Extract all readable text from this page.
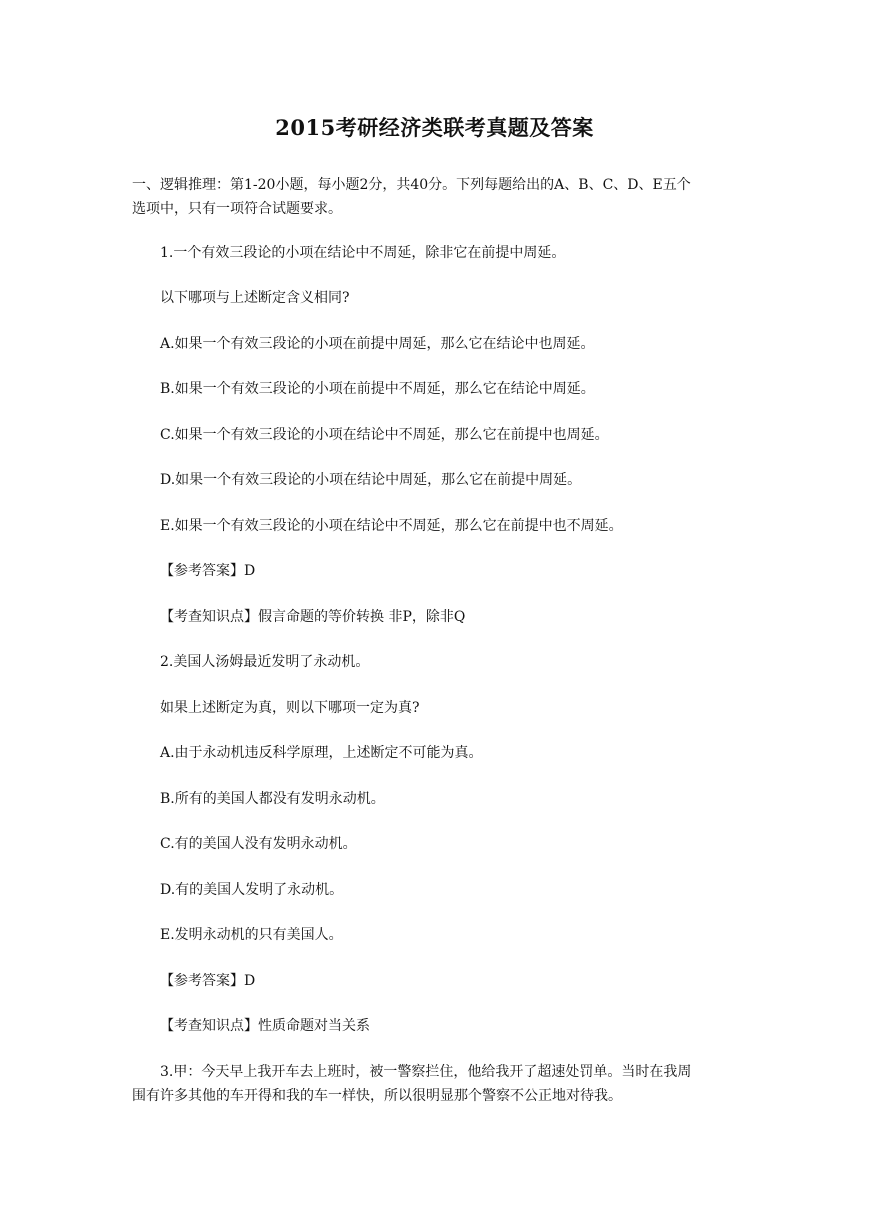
2015考研经济类联考真题及答案
一、逻辑推理：第1-20小题，每小题2分，共40分。下列每题给出的A、B、C、D、E五个
选项中，只有一项符合试题要求。
1.一个有效三段论的小项在结论中不周延，除非它在前提中周延。
以下哪项与上述断定含义相同?
A.如果一个有效三段论的小项在前提中周延，那么它在结论中也周延。
B.如果一个有效三段论的小项在前提中不周延，那么它在结论中周延。
C.如果一个有效三段论的小项在结论中不周延，那么它在前提中也周延。
D.如果一个有效三段论的小项在结论中周延，那么它在前提中周延。
E.如果一个有效三段论的小项在结论中不周延，那么它在前提中也不周延。
【参考答案】D
【考查知识点】假言命题的等价转换 非P，除非Q
2.美国人汤姆最近发明了永动机。
如果上述断定为真，则以下哪项一定为真?
A.由于永动机违反科学原理，上述断定不可能为真。
B.所有的美国人都没有发明永动机。
C.有的美国人没有发明永动机。
D.有的美国人发明了永动机。
E.发明永动机的只有美国人。
【参考答案】D
【考查知识点】性质命题对当关系
3.甲：今天早上我开车去上班时，被一警察拦住，他给我开了超速处罚单。当时在我周
围有许多其他的车开得和我的车一样快，所以很明显那个警察不公正地对待我。
